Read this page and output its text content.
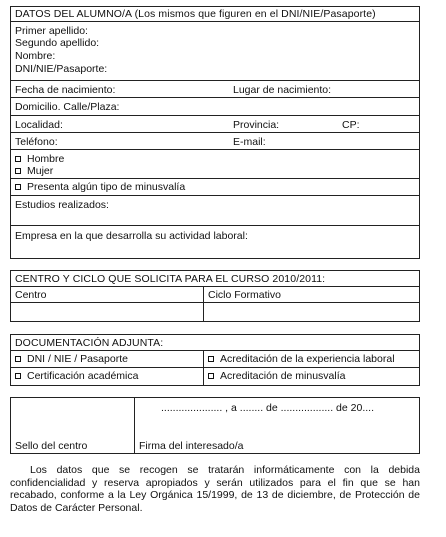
DATOS DEL ALUMNO/A (Los mismos que figuren en el DNI/NIE/Pasaporte)
Primer apellido:
Segundo apellido:
Nombre:
DNI/NIE/Pasaporte:
Fecha de nacimiento:	Lugar de nacimiento:
Domicilio. Calle/Plaza:
Localidad:	Provincia:	CP:
Teléfono:	E-mail:
Hombre
Mujer
Presenta algún tipo de minusvalía
Estudios realizados:
Empresa en la que desarrolla su actividad laboral:
CENTRO Y CICLO QUE SOLICITA PARA EL CURSO 2010/2011:
Centro	Ciclo Formativo
DOCUMENTACIÓN ADJUNTA:
DNI / NIE / Pasaporte	Acreditación de la experiencia laboral
Certificación académica	Acreditación de minusvalía
..................... , a ........ de .................. de 20....
Sello del centro	Firma del interesado/a

Los datos que se recogen se tratarán informáticamente con la debida confidencialidad y reserva apropiados y serán utilizados para el fin que se han recabado, conforme a la Ley Orgánica 15/1999, de 13 de diciembre, de Protección de Datos de Carácter Personal.
